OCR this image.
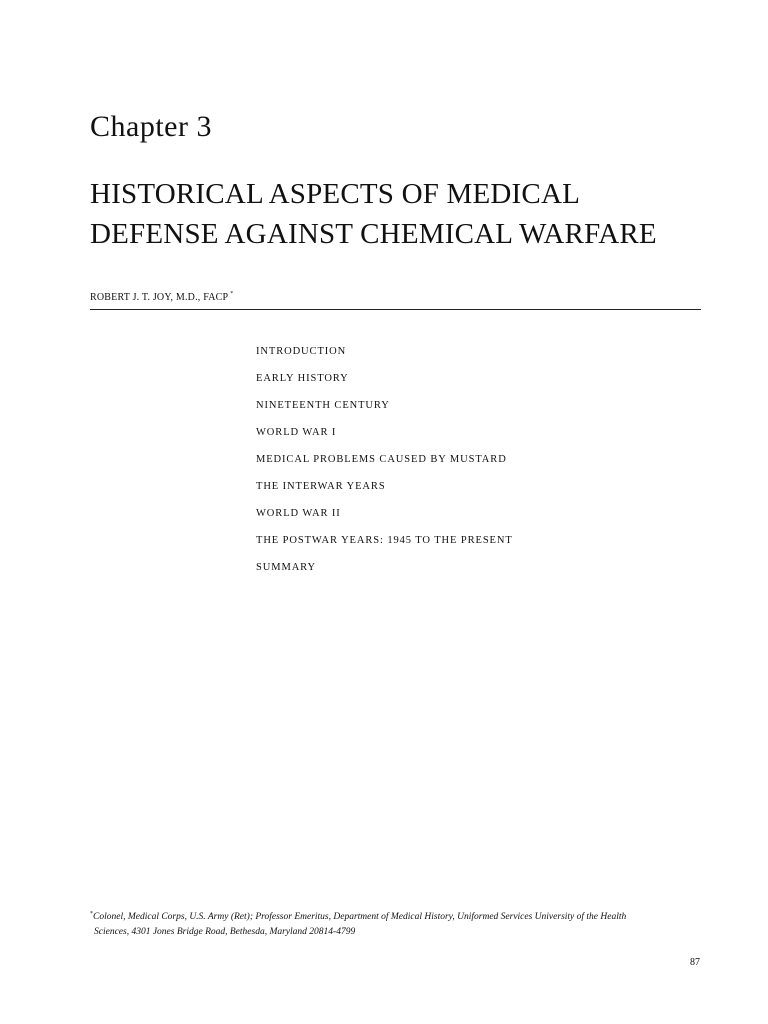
Chapter 3
HISTORICAL ASPECTS OF MEDICAL
DEFENSE AGAINST CHEMICAL WARFARE
ROBERT J. T. JOY, M.D., FACP *
INTRODUCTION
EARLY HISTORY
NINETEENTH CENTURY
WORLD WAR I
MEDICAL PROBLEMS CAUSED BY MUSTARD
THE INTERWAR YEARS
WORLD WAR II
THE POSTWAR YEARS: 1945 TO THE PRESENT
SUMMARY
*Colonel, Medical Corps, U.S. Army (Ret); Professor Emeritus, Department of Medical History, Uniformed Services University of the Health
Sciences, 4301 Jones Bridge Road, Bethesda, Maryland 20814-4799
87
